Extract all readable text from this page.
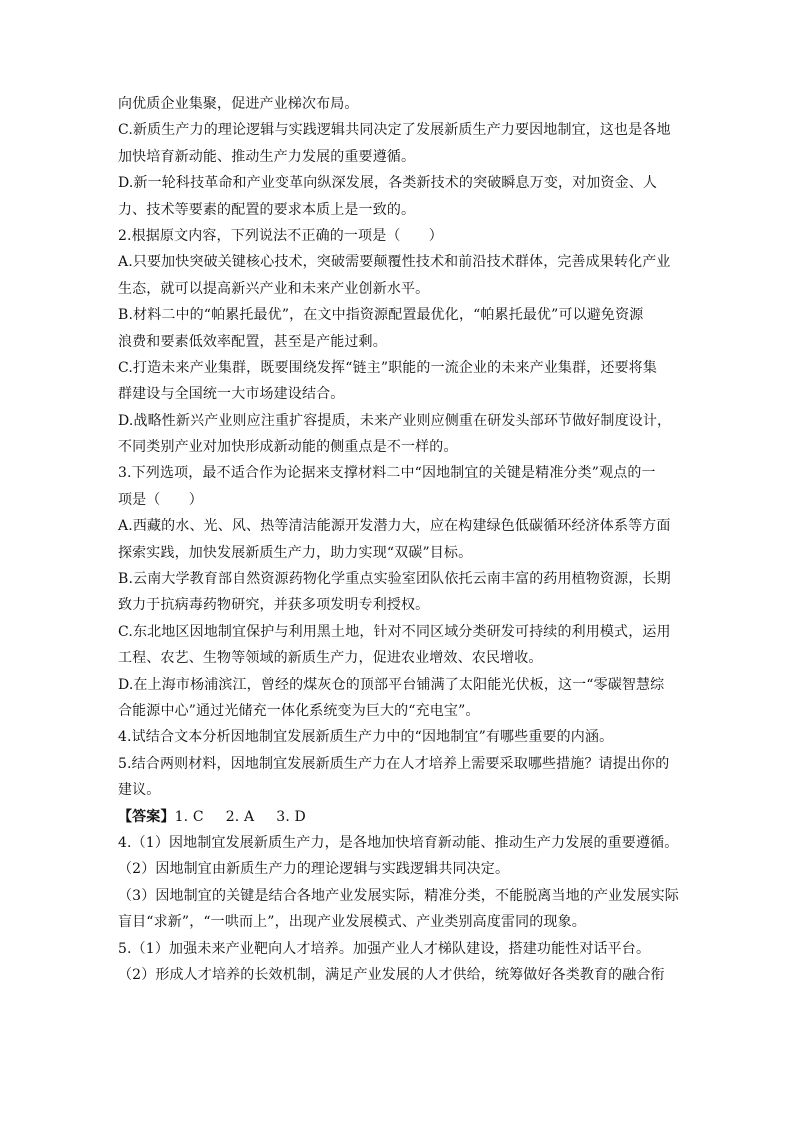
向优质企业集聚，促进产业梯次布局。
C.新质生产力的理论逻辑与实践逻辑共同决定了发展新质生产力要因地制宜，这也是各地
加快培育新动能、推动生产力发展的重要遵循。
D.新一轮科技革命和产业变革向纵深发展，各类新技术的突破瞬息万变，对加资金、人
力、技术等要素的配置的要求本质上是一致的。
2.根据原文内容，下列说法不正确的一项是（　　）
A.只要加快突破关键核心技术，突破需要颠覆性技术和前沿技术群体，完善成果转化产业
生态，就可以提高新兴产业和未来产业创新水平。
B.材料二中的“帕累托最优”，在文中指资源配置最优化，“帕累托最优”可以避免资源
浪费和要素低效率配置，甚至是产能过剩。
C.打造未来产业集群，既要围绕发挥“链主”职能的一流企业的未来产业集群，还要将集
群建设与全国统一大市场建设结合。
D.战略性新兴产业则应注重扩容提质，未来产业则应侧重在研发头部环节做好制度设计，
不同类别产业对加快形成新动能的侧重点是不一样的。
3.下列选项，最不适合作为论据来支撑材料二中“因地制宜的关键是精准分类”观点的一
项是（　　）
A.西藏的水、光、风、热等清洁能源开发潜力大，应在构建绿色低碳循环经济体系等方面
探索实践，加快发展新质生产力，助力实现“双碳”目标。
B.云南大学教育部自然资源药物化学重点实验室团队依托云南丰富的药用植物资源，长期
致力于抗病毒药物研究，并获多项发明专利授权。
C.东北地区因地制宜保护与利用黑土地，针对不同区域分类研发可持续的利用模式，运用
工程、农艺、生物等领域的新质生产力，促进农业增效、农民增收。
D.在上海市杨浦滨江，曾经的煤灰仓的顶部平台铺满了太阳能光伏板，这一“零碳智慧综
合能源中心”通过光储充一体化系统变为巨大的“充电宝”。
4.试结合文本分析因地制宜发展新质生产力中的“因地制宜”有哪些重要的内涵。
5.结合两则材料，因地制宜发展新质生产力在人才培养上需要采取哪些措施？请提出你的
建议。
【答案】1. C 2. A 3. D
4.（1）因地制宜发展新质生产力，是各地加快培育新动能、推动生产力发展的重要遵循。
（2）因地制宜由新质生产力的理论逻辑与实践逻辑共同决定。
（3）因地制宜的关键是结合各地产业发展实际，精准分类，不能脱离当地的产业发展实际
盲目“求新”，“一哄而上”，出现产业发展模式、产业类别高度雷同的现象。
5.（1）加强未来产业靶向人才培养。加强产业人才梯队建设，搭建功能性对话平台。
（2）形成人才培养的长效机制，满足产业发展的人才供给，统筹做好各类教育的融合衔
